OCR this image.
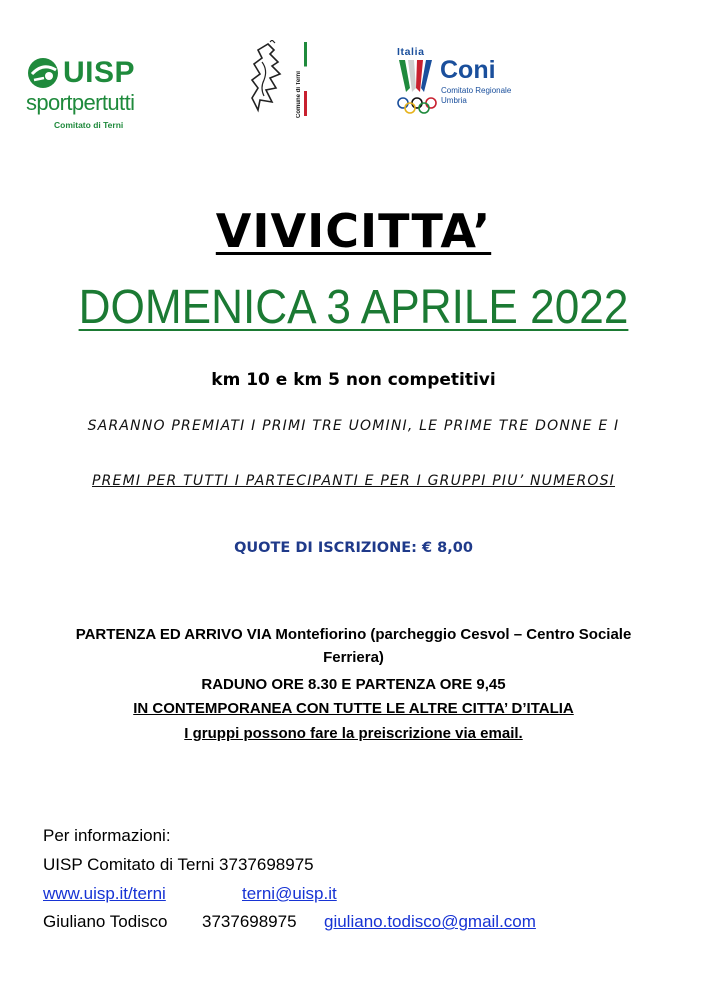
UISP
sportpertutti
Comitato di Terni
Comune di Terni
Italia
Coni
Comitato Regionale
Umbria
VIVICITTA’
DOMENICA 3 APRILE 2022
km 10 e km 5 non competitivi
SARANNO PREMIATI I PRIMI TRE UOMINI, LE PRIME TRE DONNE E I
PREMI PER TUTTI I PARTECIPANTI E PER I GRUPPI PIU’ NUMEROSI
QUOTE DI ISCRIZIONE: € 8,00
PARTENZA ED ARRIVO VIA Montefiorino (parcheggio Cesvol – Centro Sociale
Ferriera)
RADUNO ORE 8.30 E PARTENZA ORE 9,45
IN CONTEMPORANEA CON TUTTE LE ALTRE CITTA’ D’ITALIA
I gruppi possono fare la preiscrizione via email.
Per informazioni:
UISP Comitato di Terni 3737698975
www.uisp.it/terni	terni@uisp.it
Giuliano Todisco 3737698975 giuliano.todisco@gmail.com
